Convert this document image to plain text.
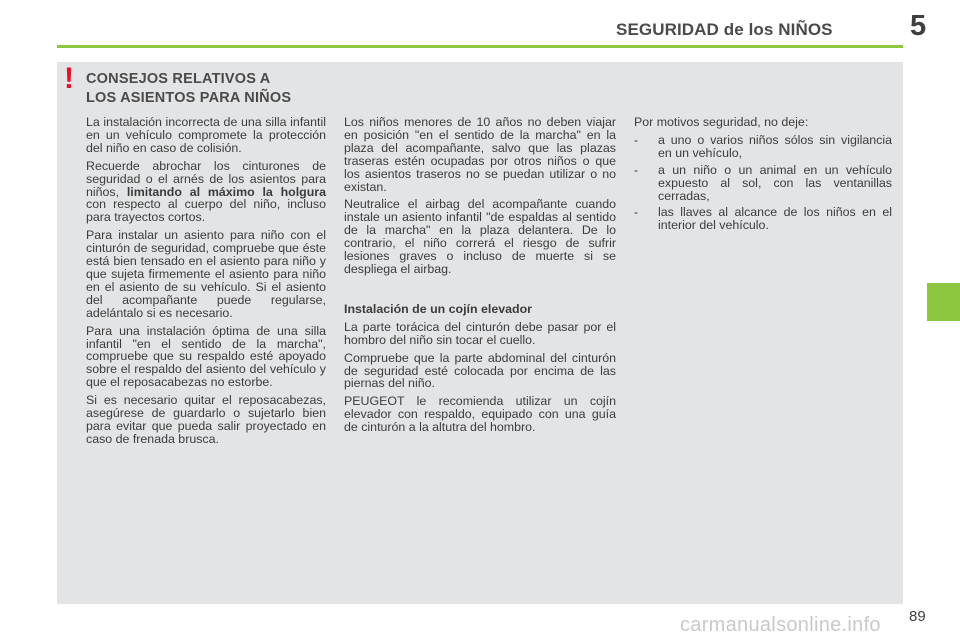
SEGURIDAD de los NIÑOS	5
! CONSEJOS RELATIVOS A
LOS ASIENTOS PARA NIÑOS

La instalación incorrecta de una silla infantil en un vehículo compromete la protección del niño en caso de colisión.

Recuerde abrochar los cinturones de seguridad o el arnés de los asientos para niños, limitando al máximo la holgura con respecto al cuerpo del niño, incluso para trayectos cortos.

Para instalar un asiento para niño con el cinturón de seguridad, compruebe que éste está bien tensado en el asiento para niño y que sujeta firmemente el asiento para niño en el asiento de su vehículo. Si el asiento del acompañante puede regularse, adelántalo si es necesario.

Para una instalación óptima de una silla infantil "en el sentido de la marcha", compruebe que su respaldo esté apoyado sobre el respaldo del asiento del vehículo y que el reposacabezas no estorbe.

Si es necesario quitar el reposacabezas, asegúrese de guardarlo o sujetarlo bien para evitar que pueda salir proyectado en caso de frenada brusca.

Los niños menores de 10 años no deben viajar en posición "en el sentido de la marcha" en la plaza del acompañante, salvo que las plazas traseras estén ocupadas por otros niños o que los asientos traseros no se puedan utilizar o no existan.

Neutralice el airbag del acompañante cuando instale un asiento infantil "de espaldas al sentido de la marcha" en la plaza delantera. De lo contrario, el niño correrá el riesgo de sufrir lesiones graves o incluso de muerte si se despliega el airbag.

Instalación de un cojín elevador

La parte torácica del cinturón debe pasar por el hombro del niño sin tocar el cuello.

Compruebe que la parte abdominal del cinturón de seguridad esté colocada por encima de las piernas del niño.

PEUGEOT le recomienda utilizar un cojín elevador con respaldo, equipado con una guía de cinturón a la altutra del hombro.

Por motivos seguridad, no deje:

- a uno o varios niños sólos sin vigilancia en un vehículo,
- a un niño o un animal en un vehículo expuesto al sol, con las ventanillas cerradas,
- las llaves al alcance de los niños en el interior del vehículo.
carmanualsonline.info 89
